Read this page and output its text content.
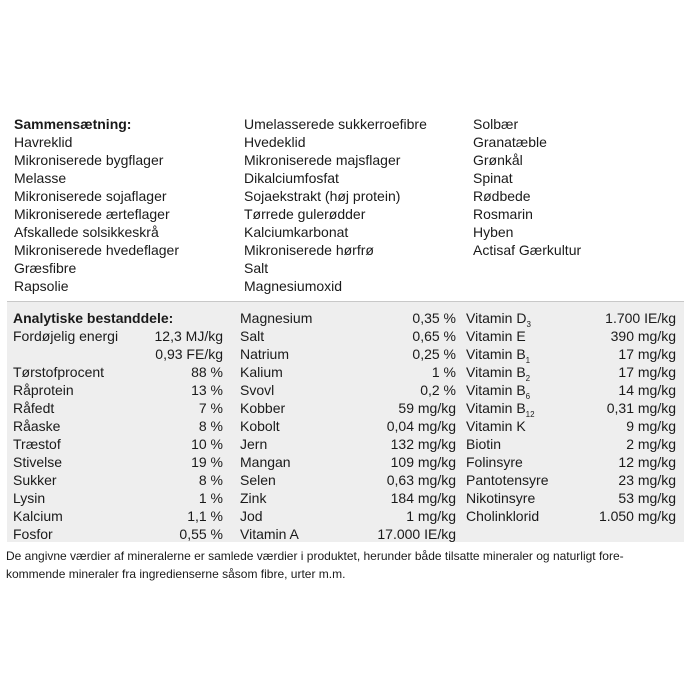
Sammensætning:
Havreklid
Mikroniserede bygflager
Melasse
Mikroniserede sojaflager
Mikroniserede ærteflager
Afskallede solsikkeskrå
Mikroniserede hvedeflager
Græsfibre
Rapsolie
Umelasserede sukkerroefibre
Hvedeklid
Mikroniserede majsflager
Dikalciumfosfat
Sojaekstrakt (høj protein)
Tørrede gulerødder
Kalciumkarbonat
Mikroniserede hørfrø
Salt
Magnesiumoxid
Solbær
Granatæble
Grønkål
Spinat
Rødbede
Rosmarin
Hyben
Actisaf Gærkultur
Analytiske bestanddele:
Fordøjelig energi	12,3 MJ/kg
0,93 FE/kg
Tørstofprocent	88 %
Råprotein	13 %
Råfedt	7 %
Råaske	8 %
Træstof	10 %
Stivelse	19 %
Sukker	8 %
Lysin	1 %
Kalcium	1,1 %
Fosfor	0,55 %
Magnesium	0,35 %
Salt	0,65 %
Natrium	0,25 %
Kalium	1 %
Svovl	0,2 %
Kobber	59 mg/kg
Kobolt	0,04 mg/kg
Jern	132 mg/kg
Mangan	109 mg/kg
Selen	0,63 mg/kg
Zink	184 mg/kg
Jod	1 mg/kg
Vitamin A	17.000 IE/kg
Vitamin $D_3$	1.700 IE/kg
Vitamin E	390 mg/kg
Vitamin $B_1$	17 mg/kg
Vitamin $B_2$	17 mg/kg
Vitamin $B_6$	14 mg/kg
Vitamin $B_{12}$	0,31 mg/kg
Vitamin K	9 mg/kg
Biotin	2 mg/kg
Folinsyre	12 mg/kg
Pantotensyre	23 mg/kg
Nikotinsyre	53 mg/kg
Cholinklorid	1.050 mg/kg
De angivne værdier af mineralerne er samlede værdier i produktet, herunder både tilsatte mineraler og naturligt fore-
kommende mineraler fra ingredienserne såsom fibre, urter m.m.
